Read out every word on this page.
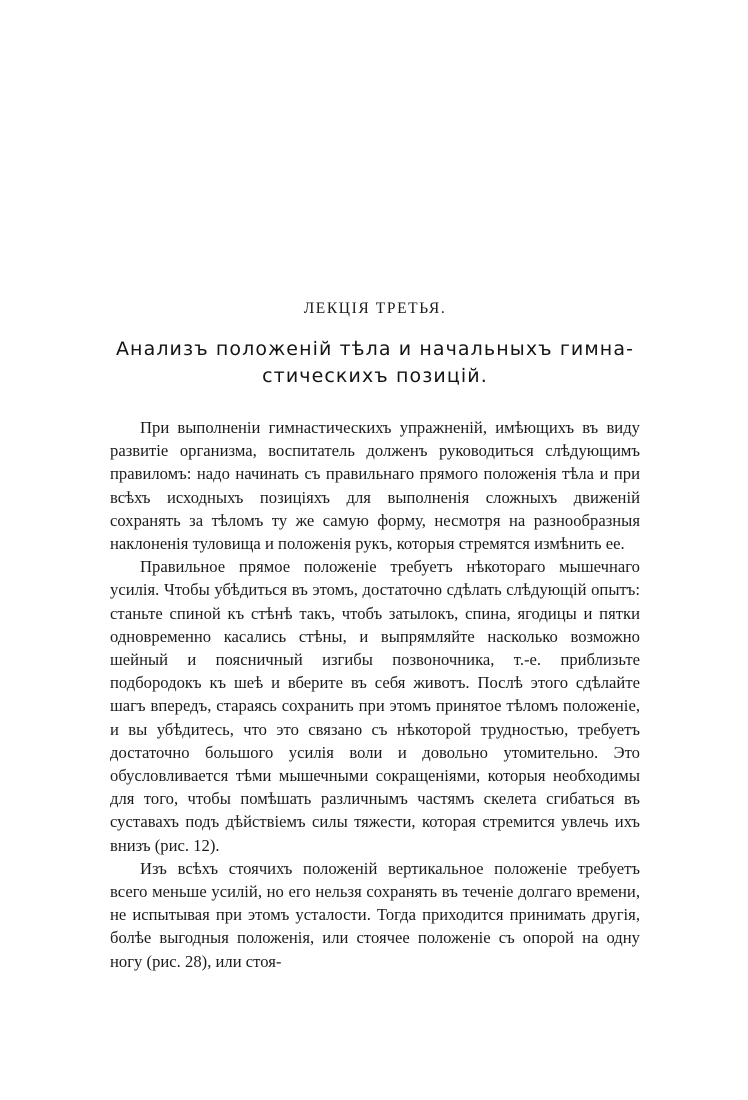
ЛЕКЦІЯ ТРЕТЬЯ.
Анализъ положеній тѣла и начальныхъ гимна-
стическихъ позицій.

При выполненіи гимнастическихъ упражненій, имѣющихъ въ виду развитіе организма, воспитатель долженъ руководиться слѣдующимъ правиломъ: надо начинать съ правильнаго прямого положенія тѣла и при всѣхъ исходныхъ позиціяхъ для выполненія сложныхъ движеній сохранять за тѣломъ ту же самую форму, несмотря на разнообразныя наклоненія туловища и положенія рукъ, которыя стремятся измѣнить ее.

Правильное прямое положеніе требуетъ нѣкотораго мышечнаго усилія. Чтобы убѣдиться въ этомъ, достаточно сдѣлать слѣдующій опытъ: станьте спиной къ стѣнѣ такъ, чтобъ затылокъ, спина, ягодицы и пятки одновременно касались стѣны, и выпрямляйте насколько возможно шейный и поясничный изгибы позвоночника, т.-е. приблизьте подбородокъ къ шеѣ и вберите въ себя животъ. Послѣ этого сдѣлайте шагъ впередъ, стараясь сохранить при этомъ принятое тѣломъ положеніе, и вы убѣдитесь, что это связано съ нѣкоторой трудностью, требуетъ достаточно большого усилія воли и довольно утомительно. Это обусловливается тѣми мышечными сокращеніями, которыя необходимы для того, чтобы помѣшать различнымъ частямъ скелета сгибаться въ суставахъ подъ дѣйствіемъ силы тяжести, которая стремится увлечь ихъ внизъ (рис. 12).

Изъ всѣхъ стоячихъ положеній вертикальное положеніе требуетъ всего меньше усилій, но его нельзя сохранять въ теченіе долгаго времени, не испытывая при этомъ усталости. Тогда приходится принимать другія, болѣе выгодныя положенія, или стоячее положеніе съ опорой на одну ногу (рис. 28), или стоя-
